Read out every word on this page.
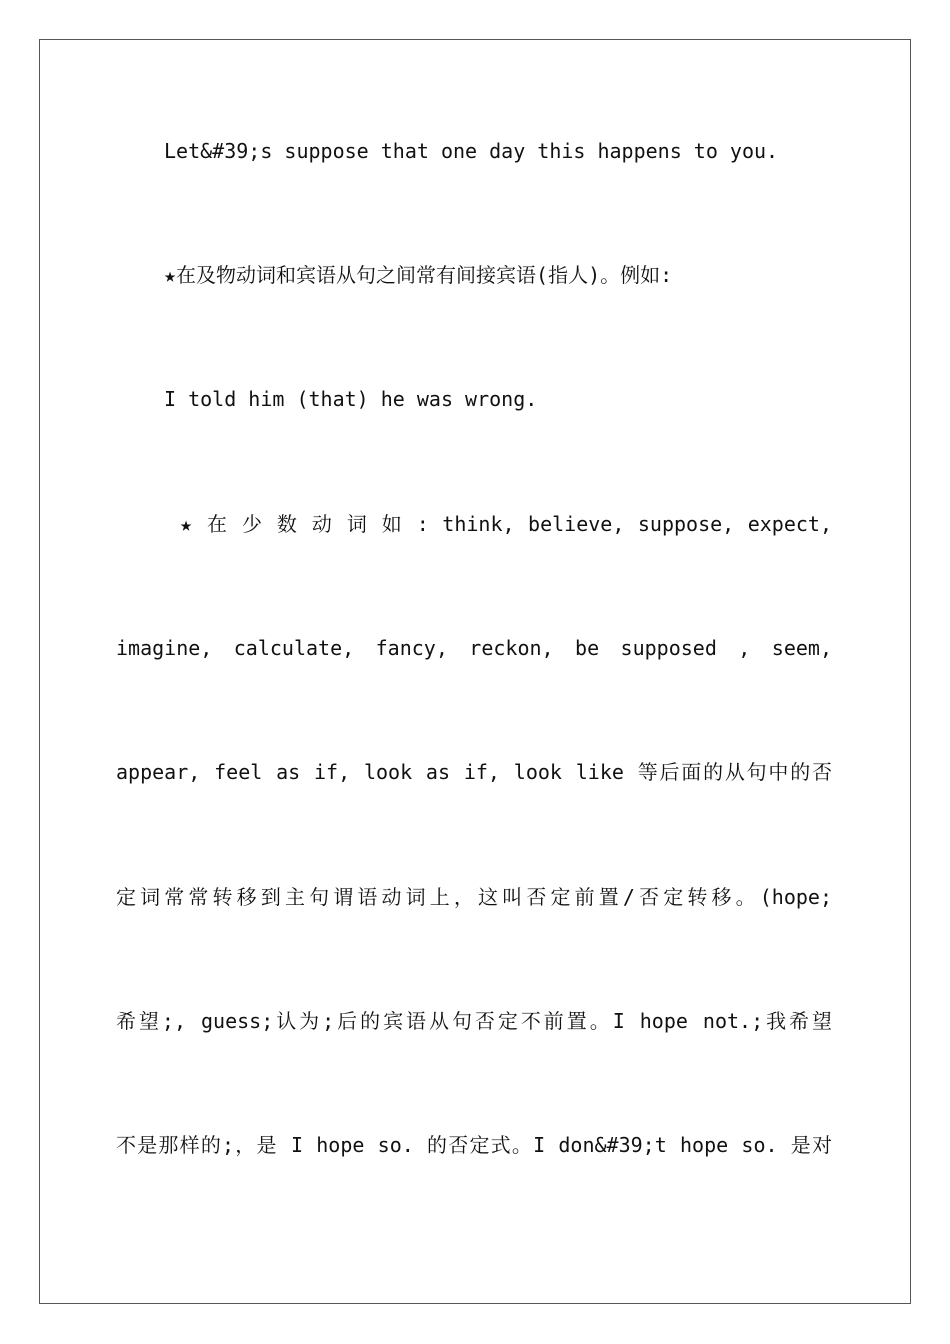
Let&#39;s suppose that one day this happens to you.
★在及物动词和宾语从句之间常有间接宾语(指人)。例如:
I told him (that) he was wrong.
★ 在 少 数 动 词 如 : think, believe, suppose, expect,
imagine, calculate, fancy, reckon, be supposed , seem,
appear, feel as if, look as if, look like 等后面的从句中的否
定词常常转移到主句谓语动词上，这叫否定前置/否定转移。(hope;
希望;, guess;认为;后的宾语从句否定不前置。I hope not.;我希望
不是那样的;，是 I hope so. 的否定式。I don&#39;t hope so. 是对
